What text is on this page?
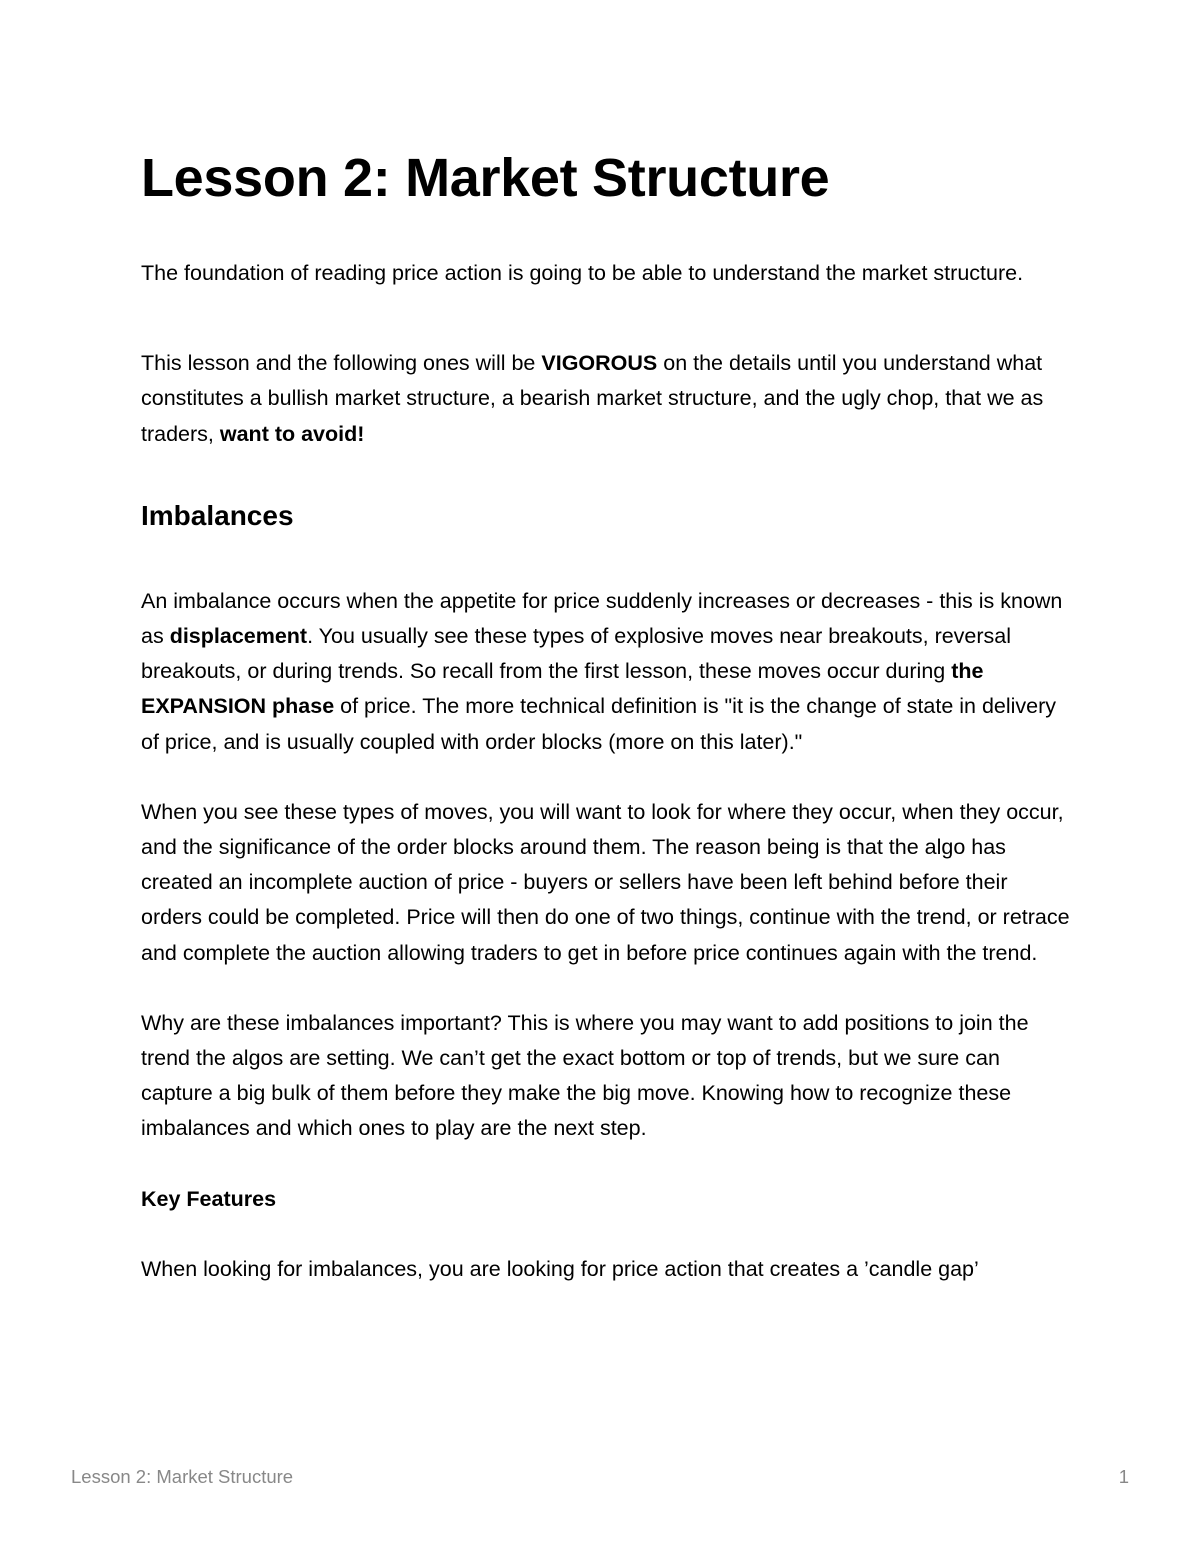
Lesson 2: Market Structure

The foundation of reading price action is going to be able to understand the market structure.

This lesson and the following ones will be VIGOROUS on the details until you understand what constitutes a bullish market structure, a bearish market structure, and the ugly chop, that we as traders, want to avoid!

Imbalances

An imbalance occurs when the appetite for price suddenly increases or decreases - this is known as displacement. You usually see these types of explosive moves near breakouts, reversal breakouts, or during trends. So recall from the first lesson, these moves occur during the EXPANSION phase of price. The more technical definition is "it is the change of state in delivery of price, and is usually coupled with order blocks (more on this later)."

When you see these types of moves, you will want to look for where they occur, when they occur, and the significance of the order blocks around them. The reason being is that the algo has created an incomplete auction of price - buyers or sellers have been left behind before their orders could be completed. Price will then do one of two things, continue with the trend, or retrace and complete the auction allowing traders to get in before price continues again with the trend.

Why are these imbalances important? This is where you may want to add positions to join the trend the algos are setting. We can’t get the exact bottom or top of trends, but we sure can capture a big bulk of them before they make the big move. Knowing how to recognize these imbalances and which ones to play are the next step.

Key Features

When looking for imbalances, you are looking for price action that creates a ’candle gap’

Lesson 2: Market Structure	1
